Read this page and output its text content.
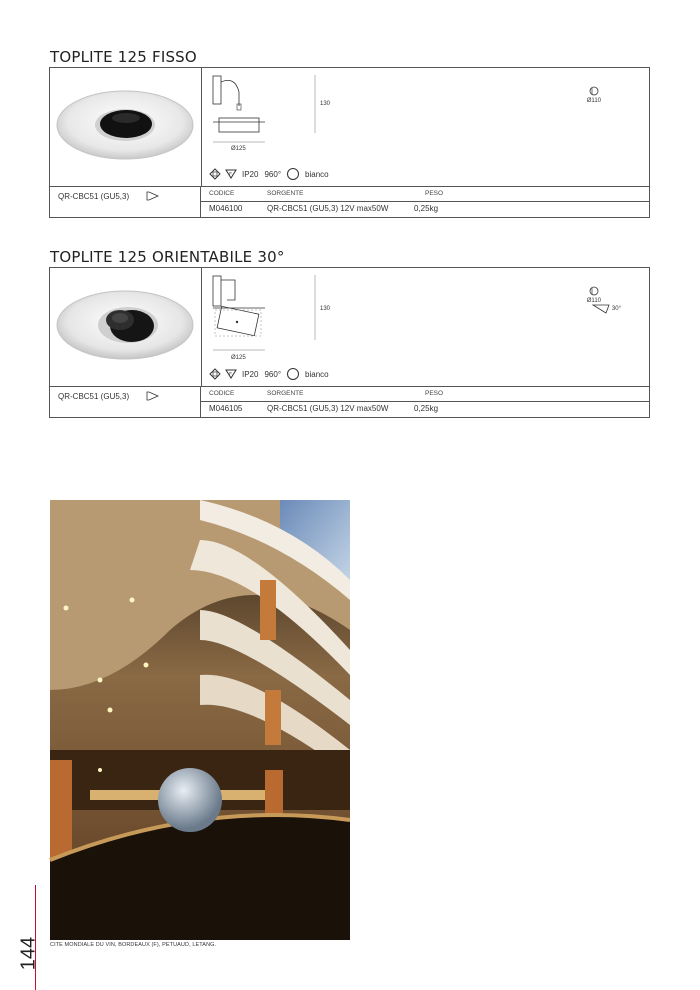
TOPLITE 125 FISSO
130
Ø125
Ø110
F IP20 960°	bianco
QR-CBC51 (GU5,3)	CODICE	SORGENTE	PESO
M046100	QR-CBC51 (GU5,3) 12V max50W	0,25kg
TOPLITE 125 ORIENTABILE 30°
130
Ø125
Ø110
30°
F IP20 960°	bianco
QR-CBC51 (GU5,3)	CODICE	SORGENTE	PESO
M046105	QR-CBC51 (GU5,3) 12V max50W	0,25kg
CITE MONDIALE DU VIN, BORDEAUX (F), PETUAUD, LETANG.
144
